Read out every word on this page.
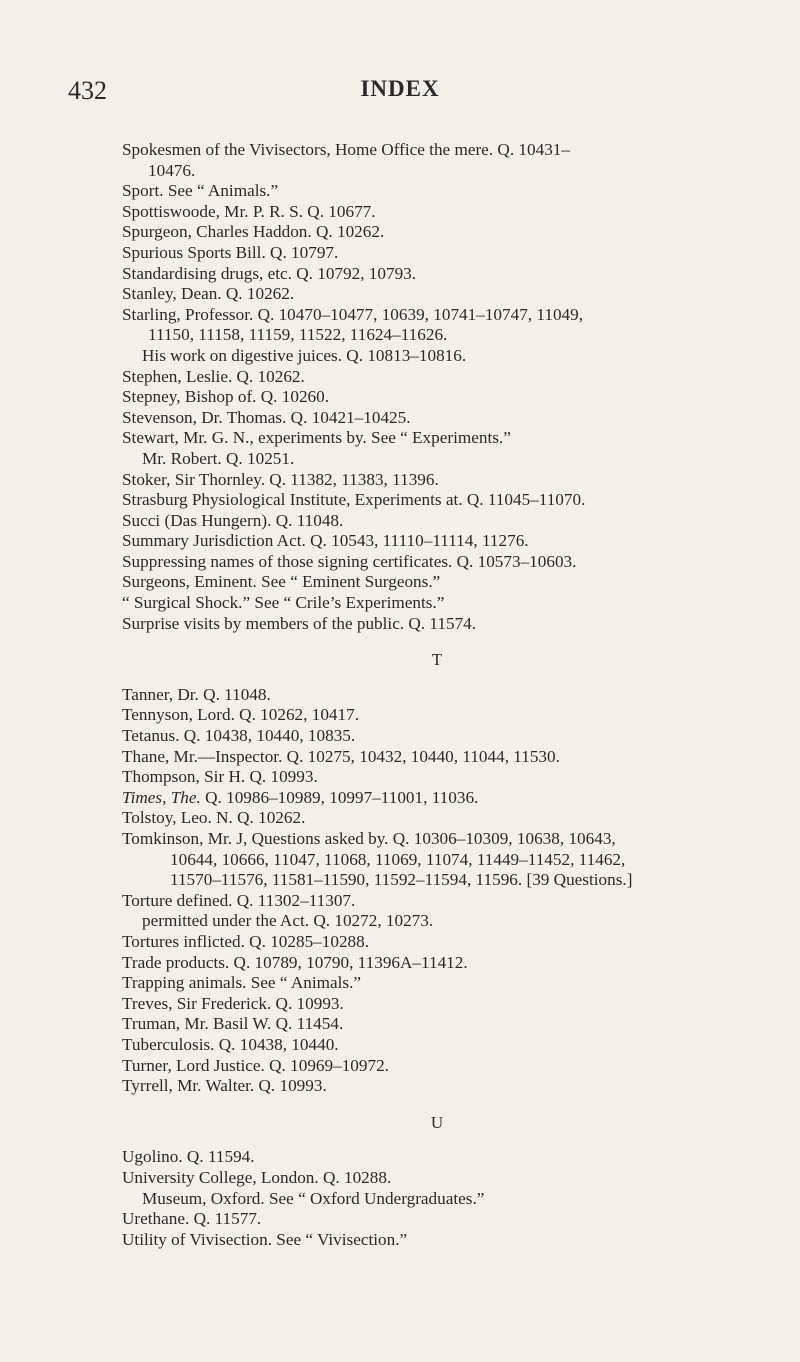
432	INDEX
Spokesmen of the Vivisectors, Home Office the mere. Q. 10431–
10476.
Sport. See “ Animals.”
Spottiswoode, Mr. P. R. S. Q. 10677.
Spurgeon, Charles Haddon. Q. 10262.
Spurious Sports Bill. Q. 10797.
Standardising drugs, etc. Q. 10792, 10793.
Stanley, Dean. Q. 10262.
Starling, Professor. Q. 10470–10477, 10639, 10741–10747, 11049,
11150, 11158, 11159, 11522, 11624–11626.
His work on digestive juices. Q. 10813–10816.
Stephen, Leslie. Q. 10262.
Stepney, Bishop of. Q. 10260.
Stevenson, Dr. Thomas. Q. 10421–10425.
Stewart, Mr. G. N., experiments by. See “ Experiments.”
Mr. Robert. Q. 10251.
Stoker, Sir Thornley. Q. 11382, 11383, 11396.
Strasburg Physiological Institute, Experiments at. Q. 11045–11070.
Succi (Das Hungern). Q. 11048.
Summary Jurisdiction Act. Q. 10543, 11110–11114, 11276.
Suppressing names of those signing certificates. Q. 10573–10603.
Surgeons, Eminent. See “ Eminent Surgeons.”
“ Surgical Shock.” See “ Crile’s Experiments.”
Surprise visits by members of the public. Q. 11574.
T
Tanner, Dr. Q. 11048.
Tennyson, Lord. Q. 10262, 10417.
Tetanus. Q. 10438, 10440, 10835.
Thane, Mr.—Inspector. Q. 10275, 10432, 10440, 11044, 11530.
Thompson, Sir H. Q. 10993.
Times, The. Q. 10986–10989, 10997–11001, 11036.
Tolstoy, Leo. N. Q. 10262.
Tomkinson, Mr. J, Questions asked by. Q. 10306–10309, 10638, 10643,
10644, 10666, 11047, 11068, 11069, 11074, 11449–11452, 11462,
11570–11576, 11581–11590, 11592–11594, 11596. [39 Questions.]
Torture defined. Q. 11302–11307.
permitted under the Act. Q. 10272, 10273.
Tortures inflicted. Q. 10285–10288.
Trade products. Q. 10789, 10790, 11396A–11412.
Trapping animals. See “ Animals.”
Treves, Sir Frederick. Q. 10993.
Truman, Mr. Basil W. Q. 11454.
Tuberculosis. Q. 10438, 10440.
Turner, Lord Justice. Q. 10969–10972.
Tyrrell, Mr. Walter. Q. 10993.
U
Ugolino. Q. 11594.
University College, London. Q. 10288.
Museum, Oxford. See “ Oxford Undergraduates.”
Urethane. Q. 11577.
Utility of Vivisection. See “ Vivisection.”
